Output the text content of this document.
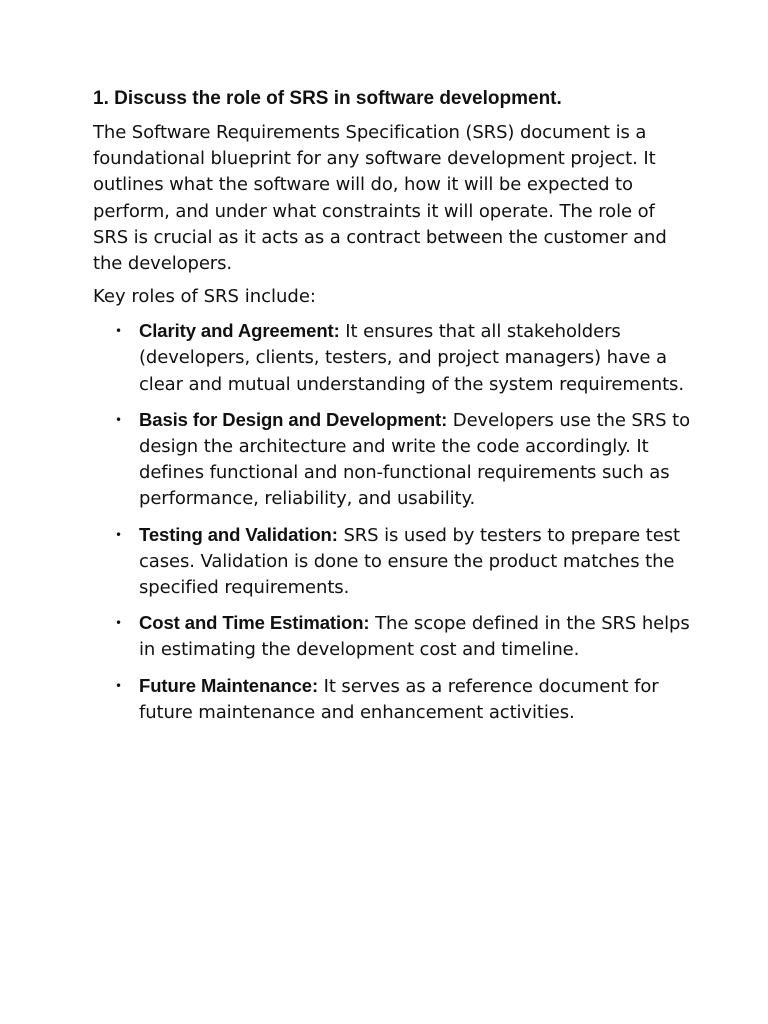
1. Discuss the role of SRS in software development.
The Software Requirements Specification (SRS) document is a foundational blueprint for any software development project. It outlines what the software will do, how it will be expected to perform, and under what constraints it will operate. The role of SRS is crucial as it acts as a contract between the customer and the developers.
Key roles of SRS include:
• Clarity and Agreement: It ensures that all stakeholders (developers, clients, testers, and project managers) have a clear and mutual understanding of the system requirements.
• Basis for Design and Development: Developers use the SRS to design the architecture and write the code accordingly. It defines functional and non-functional requirements such as performance, reliability, and usability.
• Testing and Validation: SRS is used by testers to prepare test cases. Validation is done to ensure the product matches the specified requirements.
• Cost and Time Estimation: The scope defined in the SRS helps in estimating the development cost and timeline.
• Future Maintenance: It serves as a reference document for future maintenance and enhancement activities.
